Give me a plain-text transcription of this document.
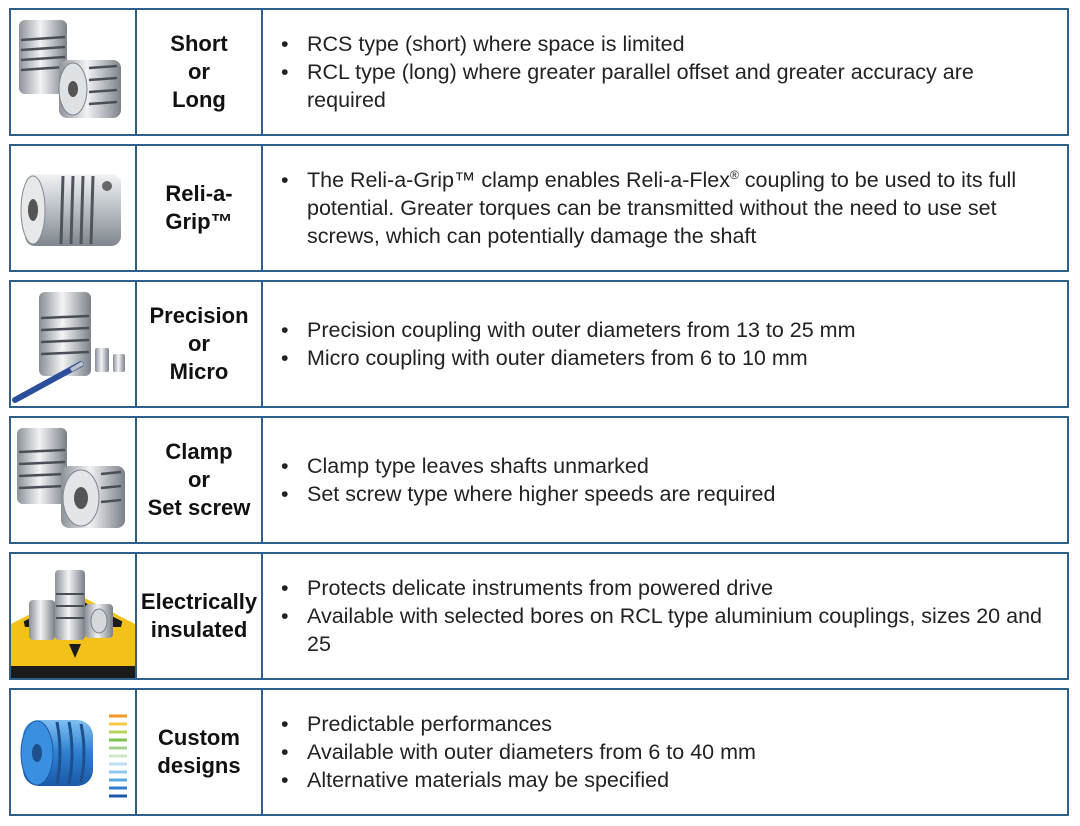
Short
or
Long
• RCS type (short) where space is limited
• RCL type (long) where greater parallel offset and greater accuracy are required
Reli-a-
Grip™
• The Reli-a-Grip™ clamp enables Reli-a-Flex® coupling to be used to its full potential. Greater torques can be transmitted without the need to use set screws, which can potentially damage the shaft
Precision
or
Micro
• Precision coupling with outer diameters from 13 to 25 mm
• Micro coupling with outer diameters from 6 to 10 mm
Clamp
or
Set screw
• Clamp type leaves shafts unmarked
• Set screw type where higher speeds are required
Electrically
insulated
• Protects delicate instruments from powered drive
• Available with selected bores on RCL type aluminium couplings, sizes 20 and 25
Custom
designs
• Predictable performances
• Available with outer diameters from 6 to 40 mm
• Alternative materials may be specified
